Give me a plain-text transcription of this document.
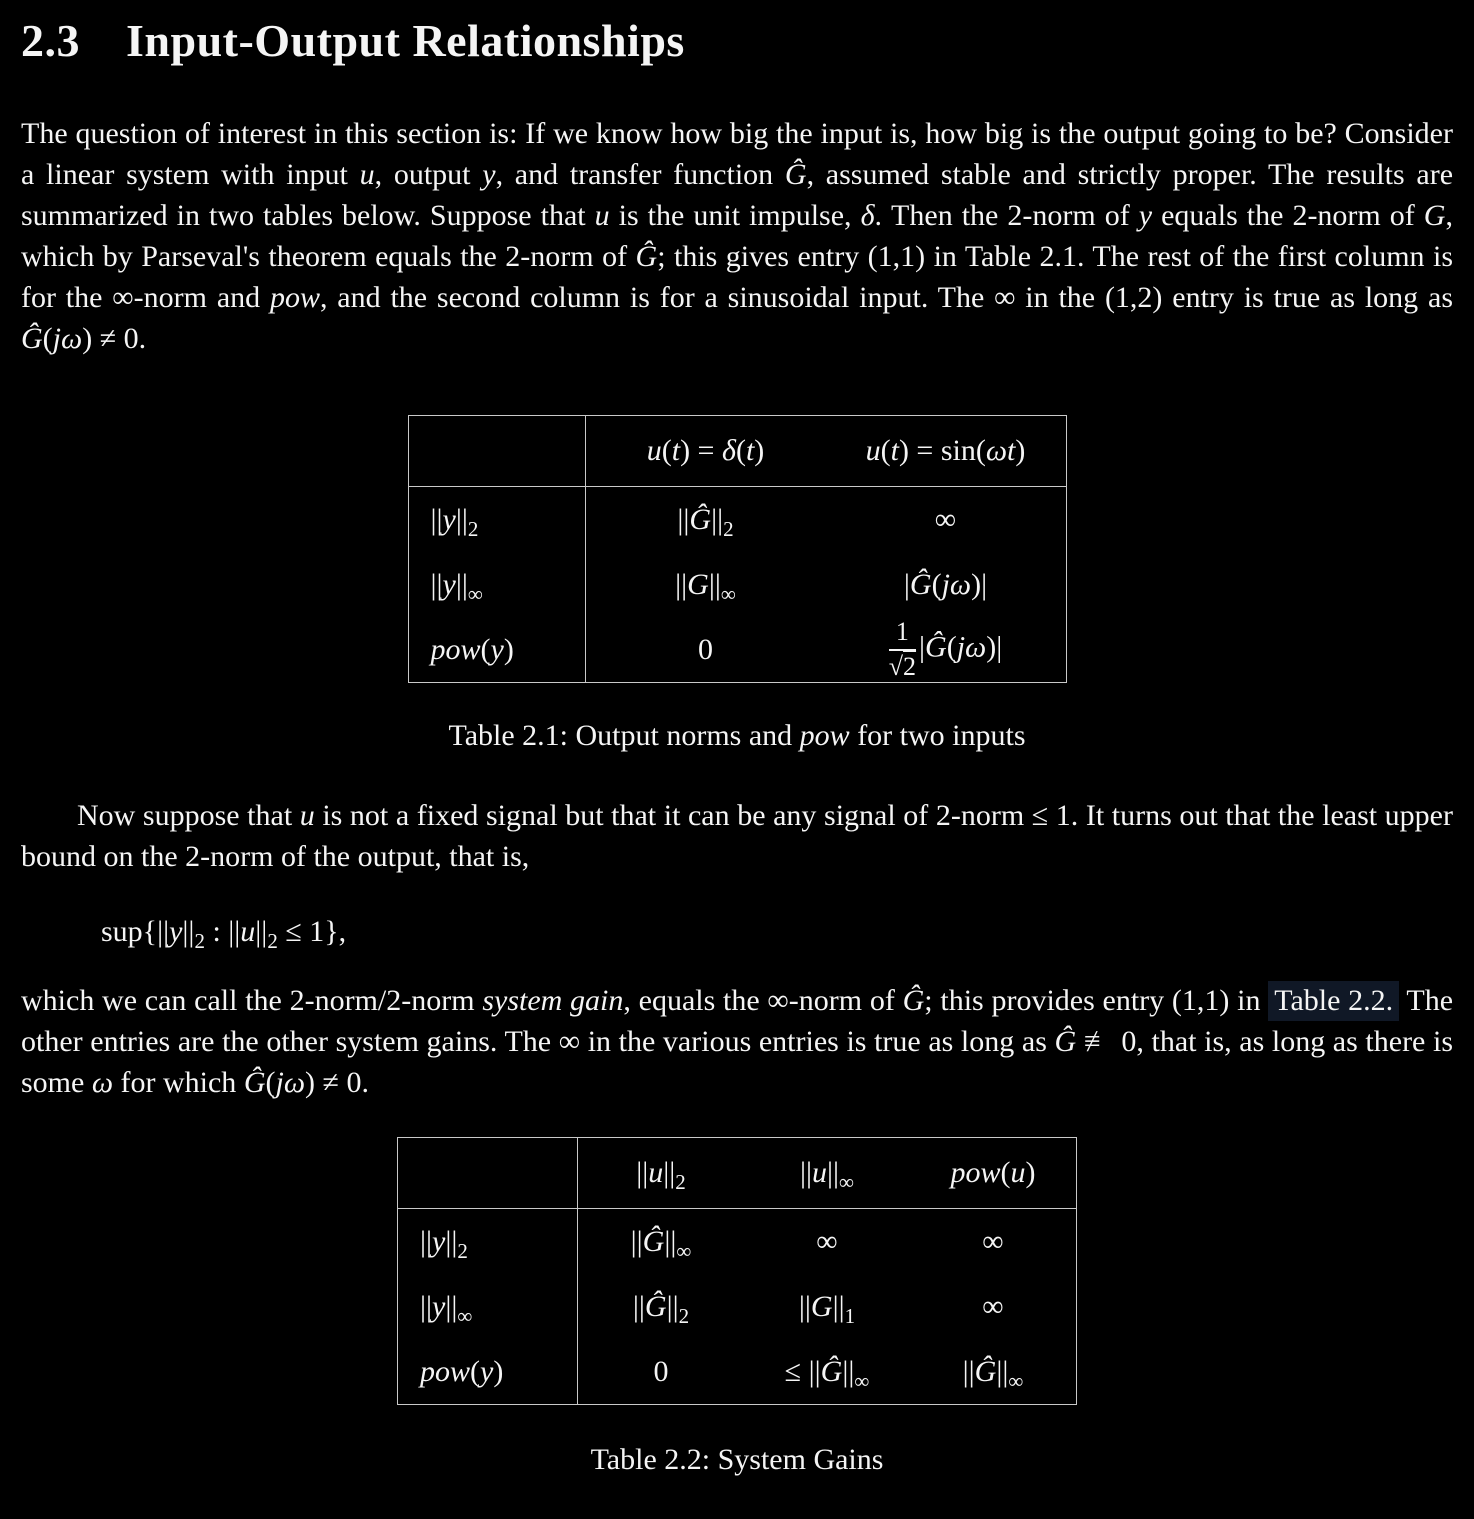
2.3 Input-Output Relationships

The question of interest in this section is: If we know how big the input is, how big is the output going to be? Consider a linear system with input u, output y, and transfer function Ĝ, assumed stable and strictly proper. The results are summarized in two tables below. Suppose that u is the unit impulse, δ. Then the 2-norm of y equals the 2-norm of G, which by Parseval's theorem equals the 2-norm of Ĝ; this gives entry (1,1) in Table 2.1. The rest of the first column is for the ∞-norm and pow, and the second column is for a sinusoidal input. The ∞ in the (1,2) entry is true as long as Ĝ(jω) ≠ 0.

	u(t) = δ(t)	u(t) = sin(ωt)
$||y||_2$	$||Ĝ||_2$	∞
$||y||_\infty$	$||G||_\infty$	|Ĝ(jω)|
pow(y)	0	$\frac{1}{√2}$ |Ĝ(jω)|
Table 2.1: Output norms and pow for two inputs

Now suppose that u is not a fixed signal but that it can be any signal of 2-norm ≤ 1. It turns out that the least upper bound on the 2-norm of the output, that is,

$sup\{||y||_2$ : $||u||_2 \le 1$},

which we can call the 2-norm/2-norm system gain, equals the ∞-norm of Ĝ; this provides entry (1,1) in Table 2.2. The other entries are the other system gains. The ∞ in the various entries is true as long as Ĝ ≢ 0, that is, as long as there is some ω for which Ĝ(jω) ≠ 0.

	$||u||_2$	$||u||_\infty$	pow(u)
$||y||_2$	$||Ĝ||_\infty$	∞	∞
$||y||_\infty$	$||Ĝ||_2$	$||G||_1$	∞
pow(y)	0	≤ $||Ĝ||_\infty$	$||Ĝ||_\infty$
Table 2.2: System Gains
